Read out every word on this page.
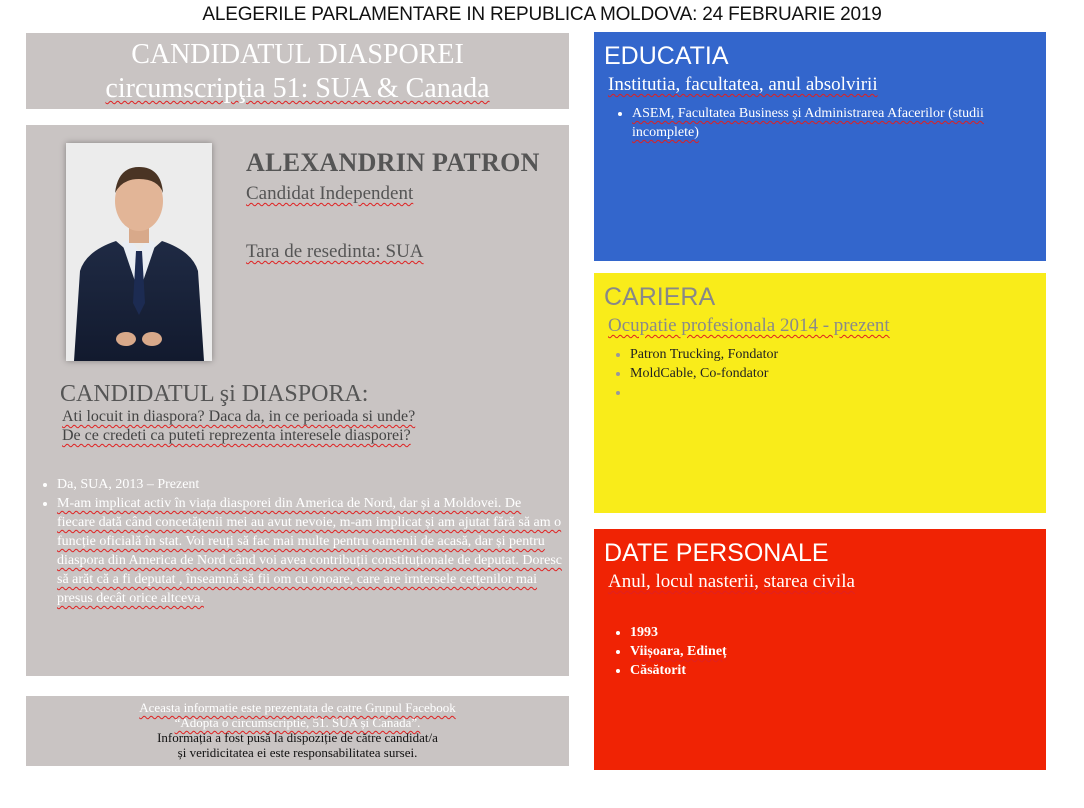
ALEGERILE PARLAMENTARE IN REPUBLICA MOLDOVA: 24 FEBRUARIE 2019
CANDIDATUL DIASPOREI
circumscripţia 51: SUA & Canada
ALEXANDRIN PATRON
Candidat Independent
Tara de resedinta: SUA
CANDIDATUL şi DIASPORA:
Ati locuit in diaspora? Daca da, in ce perioada si unde?
De ce credeti ca puteti reprezenta interesele diasporei?
• Da, SUA, 2013 – Prezent
• M-am implicat activ în viața diasporei din America de Nord, dar și a Moldovei. De fiecare dată când concetățenii mei au avut nevoie, m-am implicat și am ajutat fără să am o funcție oficială în stat. Voi reuți să fac mai multe pentru oamenii de acasă, dar și pentru diaspora din America de Nord când voi avea contribuții constituționale de deputat. Doresc să arăt că a fi deputat , înseamnă să fii om cu onoare, care are irntersele cetțenilor mai presus decât orice altceva.
Aceasta informatie este prezentata de catre Grupul Facebook
“Adopta o circumscriptie, 51. SUA și Canada”.
Informația a fost pusă la dispoziție de către candidat/a
și veridicitatea ei este responsabilitatea sursei.
EDUCATIA
Institutia, facultatea, anul absolvirii
• ASEM, Facultatea Business și Administrarea Afacerilor (studii incomplete)
CARIERA
Ocupatie profesionala 2014 - prezent
• Patron Trucking, Fondator
• MoldCable, Co-fondator
•
DATE PERSONALE
Anul, locul nasterii, starea civila
• 1993
• Viișoara, Edineț
• Căsătorit
